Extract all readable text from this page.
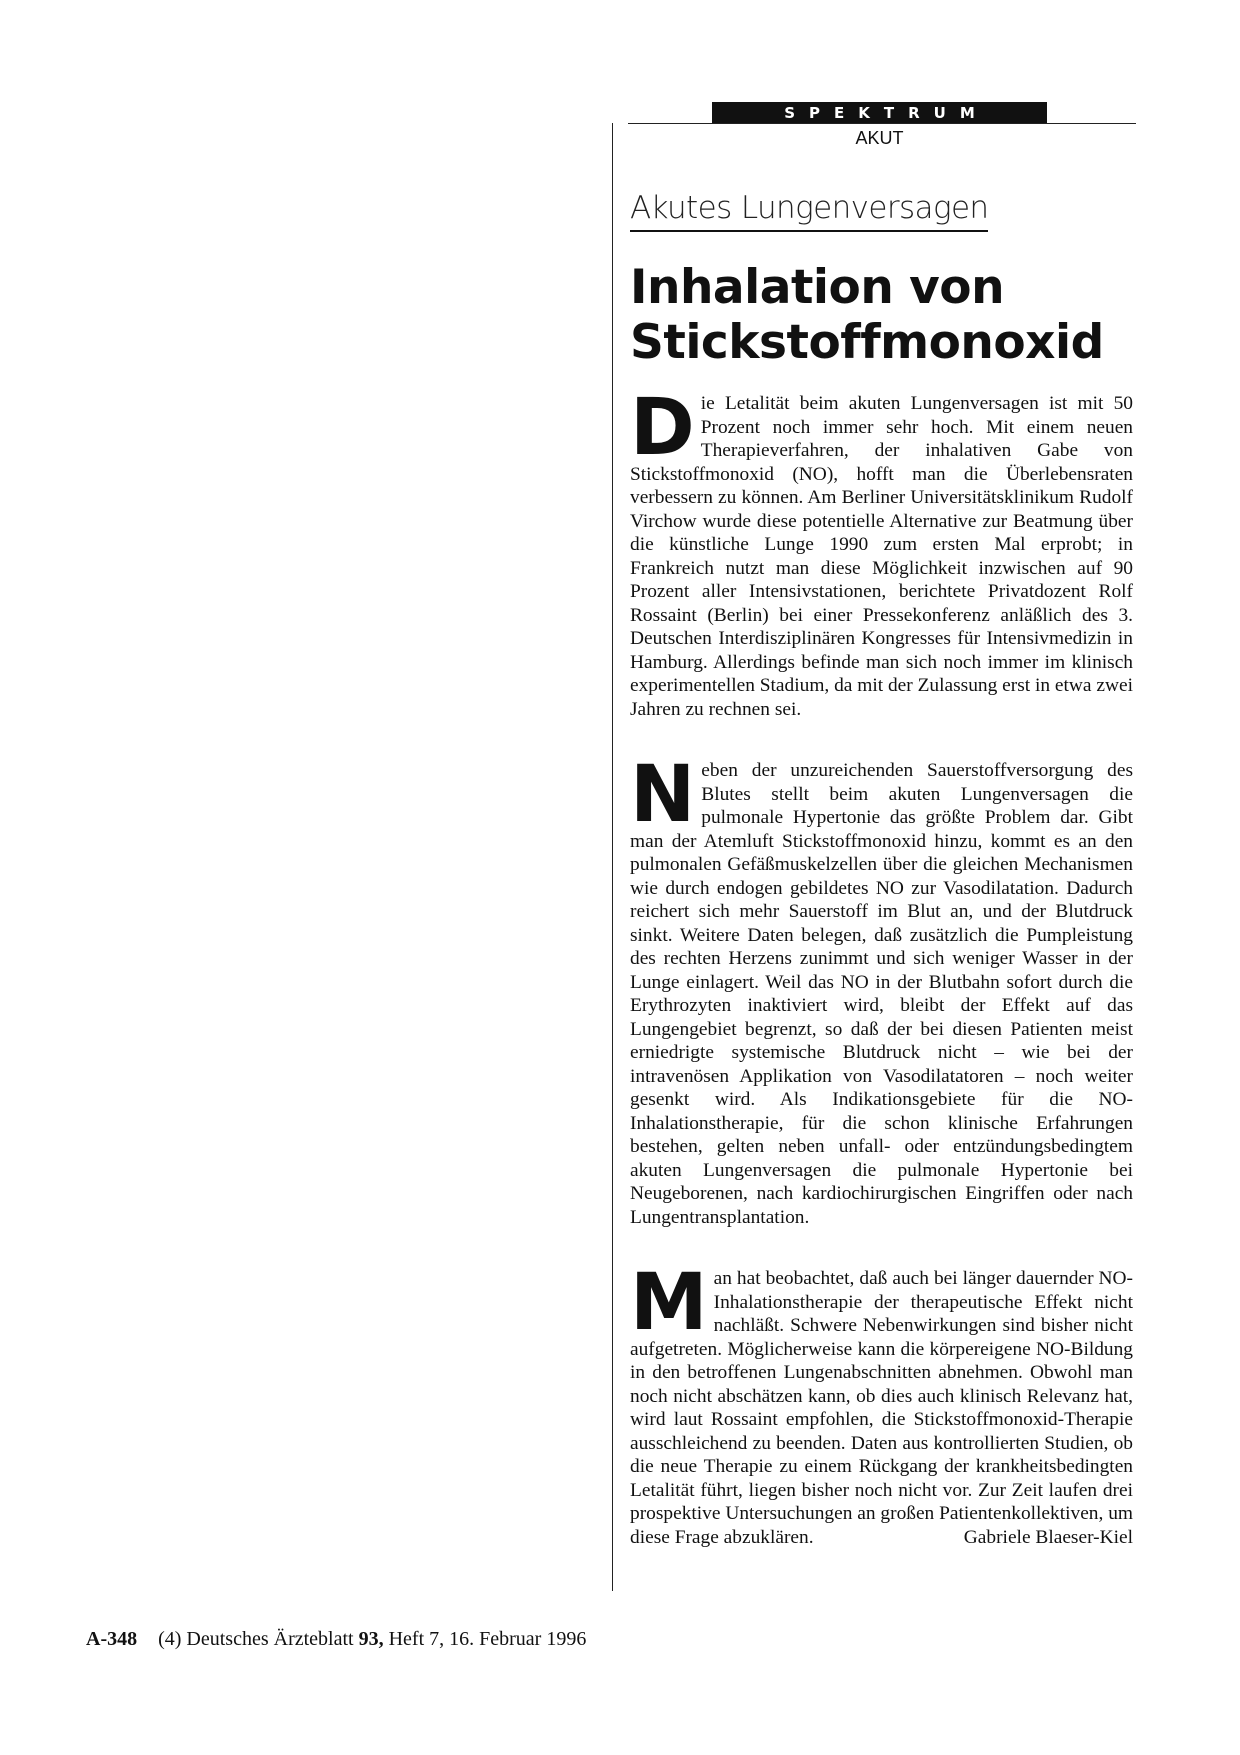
SPEKTRUM
AKUT
Akutes Lungenversagen
Inhalation von
Stickstoffmonoxid

Die Letalität beim akuten Lungenversagen ist mit 50 Prozent noch immer sehr hoch. Mit einem neuen Therapieverfahren, der inhalativen Gabe von Stickstoffmonoxid (NO), hofft man die Überlebensraten verbessern zu können. Am Berliner Universitätsklinikum Rudolf Virchow wurde diese potentielle Alternative zur Beatmung über die künstliche Lunge 1990 zum ersten Mal erprobt; in Frankreich nutzt man diese Möglichkeit inzwischen auf 90 Prozent aller Intensivstationen, berichtete Privatdozent Rolf Rossaint (Berlin) bei einer Pressekonferenz anläßlich des 3. Deutschen Interdisziplinären Kongresses für Intensivmedizin in Hamburg. Allerdings befinde man sich noch immer im klinisch experimentellen Stadium, da mit der Zulassung erst in etwa zwei Jahren zu rechnen sei.

Neben der unzureichenden Sauerstoffversorgung des Blutes stellt beim akuten Lungenversagen die pulmonale Hypertonie das größte Problem dar. Gibt man der Atemluft Stickstoffmonoxid hinzu, kommt es an den pulmonalen Gefäßmuskelzellen über die gleichen Mechanismen wie durch endogen gebildetes NO zur Vasodilatation. Dadurch reichert sich mehr Sauerstoff im Blut an, und der Blutdruck sinkt. Weitere Daten belegen, daß zusätzlich die Pumpleistung des rechten Herzens zunimmt und sich weniger Wasser in der Lunge einlagert. Weil das NO in der Blutbahn sofort durch die Erythrozyten inaktiviert wird, bleibt der Effekt auf das Lungengebiet begrenzt, so daß der bei diesen Patienten meist erniedrigte systemische Blutdruck nicht – wie bei der intravenösen Applikation von Vasodilatatoren – noch weiter gesenkt wird. Als Indikationsgebiete für die NO-Inhalationstherapie, für die schon klinische Erfahrungen bestehen, gelten neben unfall- oder entzündungsbedingtem akuten Lungenversagen die pulmonale Hypertonie bei Neugeborenen, nach kardiochirurgischen Eingriffen oder nach Lungentransplantation.

Man hat beobachtet, daß auch bei länger dauernder NO-Inhalationstherapie der therapeutische Effekt nicht nachläßt. Schwere Nebenwirkungen sind bisher nicht aufgetreten. Möglicherweise kann die körpereigene NO-Bildung in den betroffenen Lungenabschnitten abnehmen. Obwohl man noch nicht abschätzen kann, ob dies auch klinisch Relevanz hat, wird laut Rossaint empfohlen, die Stickstoffmonoxid-Therapie ausschleichend zu beenden. Daten aus kontrollierten Studien, ob die neue Therapie zu einem Rückgang der krankheitsbedingten Letalität führt, liegen bisher noch nicht vor. Zur Zeit laufen drei prospektive Untersuchungen an großen Patientenkollektiven, um diese Frage abzuklären.	Gabriele Blaeser-Kiel
A-348 (4) Deutsches Ärzteblatt 93, Heft 7, 16. Februar 1996
